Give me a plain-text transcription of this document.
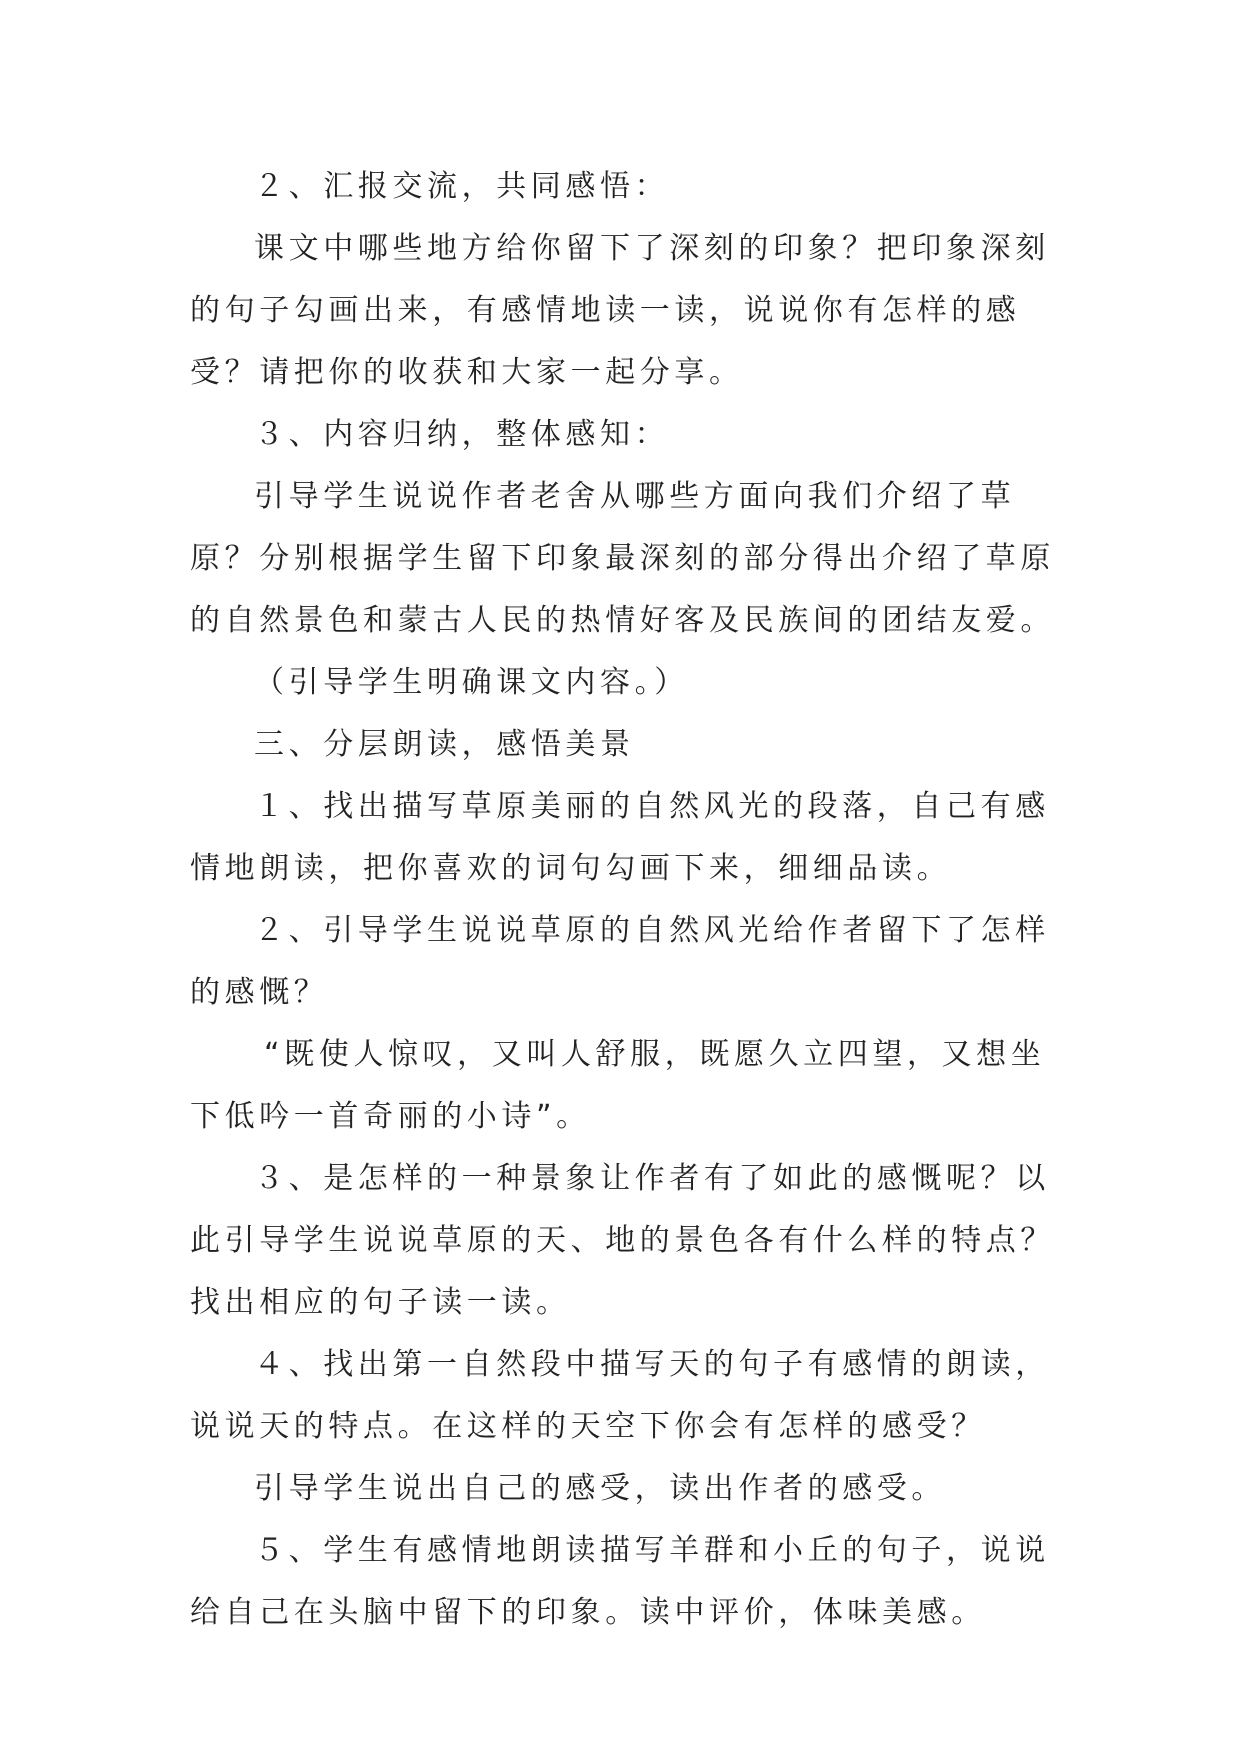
２、汇报交流，共同感悟：

课文中哪些地方给你留下了深刻的印象？把印象深刻的句子勾画出来，有感情地读一读，说说你有怎样的感受？请把你的收获和大家一起分享。

３、内容归纳，整体感知：

引导学生说说作者老舍从哪些方面向我们介绍了草原？分别根据学生留下印象最深刻的部分得出介绍了草原的自然景色和蒙古人民的热情好客及民族间的团结友爱。

（引导学生明确课文内容。）

三、分层朗读，感悟美景

１、找出描写草原美丽的自然风光的段落，自己有感情地朗读，把你喜欢的词句勾画下来，细细品读。

２、引导学生说说草原的自然风光给作者留下了怎样的感慨？

“既使人惊叹，又叫人舒服，既愿久立四望，又想坐下低吟一首奇丽的小诗”。

３、是怎样的一种景象让作者有了如此的感慨呢？以此引导学生说说草原的天、地的景色各有什么样的特点？找出相应的句子读一读。

４、找出第一自然段中描写天的句子有感情的朗读，说说天的特点。在这样的天空下你会有怎样的感受？

引导学生说出自己的感受，读出作者的感受。

５、学生有感情地朗读描写羊群和小丘的句子，说说给自己在头脑中留下的印象。读中评价，体味美感。
